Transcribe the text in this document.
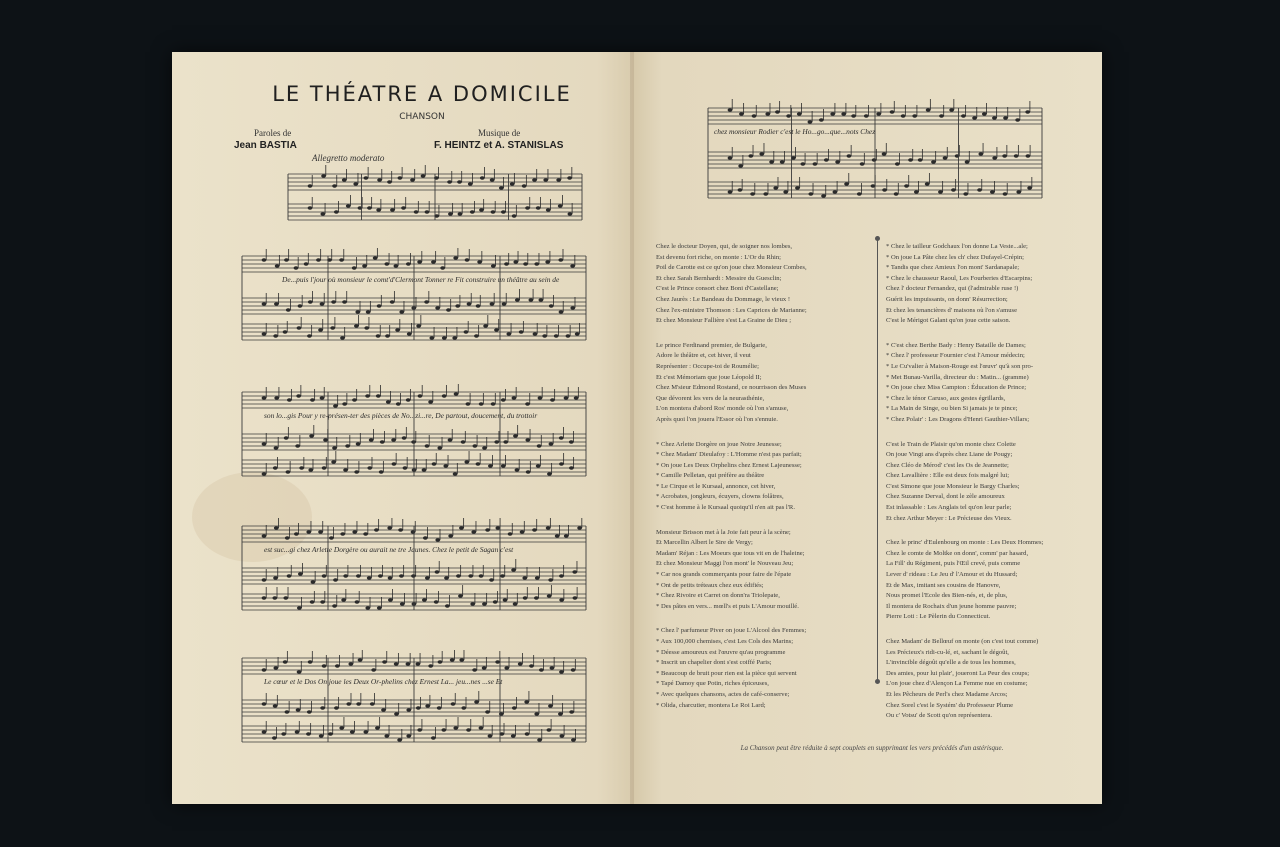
LE THÉATRE A DOMICILE
CHANSON
Paroles de
Jean BASTIA
Musique de
F. HEINTZ et A. STANISLAS
Allegretto moderato
De...puis l'jour où monsieur le comt'd'Clermont Tonner re Fit construire un théâtre au sein de
son lo...gis Pour y re-présen-ter des pièces de No...zi...re, De partout, doucement, du trottoir
est suc...gi chez Arlette Dorgère ou aurait ne tre Jaunes. Chez le petit de Sagan c'est
Le cœur et le Dos On joue les Deux Or-phelins chez Ernest La... jeu...nes ...se Et
chez monsieur Rodier c'est le Ho...go...que...nots Chez
La Chanson peut être réduite à sept couplets en supprimant les vers précédés d'un astérisque.
Chez le docteur Doyen, qui, de soigner nos lombes,
Est devenu fort riche, on monte : L'Or du Rhin;
Poil de Carotte est ce qu'on joue chez Monsieur Combes,
Et chez Sarah Bernhardt : Messire du Guesclin;
C'est le Prince consort chez Boni d'Castellane;
Chez Jaurès : Le Bandeau du Dommage, le vieux !
Chez l'ex-ministre Thomson : Les Caprices de Marianne;
Et chez Monsieur Fallière s'est La Graine de Dieu ;
Le prince Ferdinand premier, de Bulgarie,
Adore le théâtre et, cet hiver, il veut
Représenter : Occupe-toi de Roumélie;
Et c'est Mémoriam que joue Léopold II;
Chez M'sieur Edmond Rostand, ce nourrisson des Muses
Que dévorent les vers de la neurasthénie,
L'on montera d'abord Ros' monde où l'on s'amuse,
Après quoi l'on jouera l'Essor où l'on s'ennuie.
* Chez Arlette Dorgère on joue Notre Jeunesse;
* Chez Madam' Dieulafoy : L'Homme n'est pas parfait;
* On joue Les Deux Orphelins chez Ernest Lajeunesse;
* Camille Pelletan, qui préfère au théâtre
* Le Cirque et le Kursaal, annonce, cet hiver,
* Acrobates, jongleurs, écuyers, clowns folâtres,
* C'est homme à le Kursaal quoiqu'il n'en ait pas l'R.
Monsieur Brisson met à la Joie fait peur à la scène;
Et Marcellin Albert le Sire de Vergy;
Madam' Réjan : Les Moeurs que tous vit en de l'haleine;
Et chez Monsieur Maggi l'on mont' le Nouveau Jeu;
* Car nos grands commerçants pour faire de l'épate
* Ont de petits tréteaux chez eux édifiés;
* Chez Rivoire et Carret on donn'ra Triolepate,
* Des pâtes en vers... mœll's et puis L'Amour mouillé.
* Chez l' parfumeur Piver on joue L'Alcool des Femmes;
* Aux 100,000 chemises, c'est Les Cols des Marins;
* Déesse amoureux est l'œuvre qu'au programme
* Inscrit un chapelier dont s'est coiffé Paris;
* Beaucoup de bruit pour rien est la pièce qui servent
* Tapé Damoy que Potin, riches épiceuses,
* Avec quelques chansons, actes de café-conserve;
* Olida, charcutier, montera Le Roi Lard;
* Chez le tailleur Godchaux l'on donne La Veste...ale;
* On joue La Pâte chez les ch' chez Dufayel-Crépin;
* Tandis que chez Amieux l'on mont' Sardanapale;
* Chez le chausseur Raoul, Les Fourberies d'Escarpins;
Chez l' docteur Fernandez, qui (l'admirable ruse !)
Guérit les impuissants, on donn' Résurrection;
Et chez les tenancières d' maisons où l'on s'amuse
C'est le Mérigot Galant qu'on joue cette saison.
* C'est chez Berthe Bady : Henry Bataille de Dames;
* Chez l' professeur Fournier c'est l'Amour médecin;
* Le Cu'valier à Maison-Rouge est l'œuvr' qu'à son pro-
* Met Bunau-Varilla, directeur du : Matin... (gramme)
* On joue chez Miss Campton : Éducation de Prince;
* Chez le ténor Caruso, aux gestes égrillards,
* La Main de Singe, ou bien Si jamais je te pince;
* Chez Polair' : Les Dragons d'Henri Gauthier-Villars;
C'est le Train de Plaisir qu'on monte chez Colette
On joue Vingt ans d'après chez Liane de Pougy;
Chez Cléo de Mérod' c'est les Os de Jeannette;
Chez Lavallière : Elle est deux fois malgré lui;
C'est Simone que joue Monsieur le Bargy Charles;
Chez Suzanne Derval, dont le zèle amoureux
Est inlassable : Les Anglais tel qu'on leur parle;
Et chez Arthur Meyer : Le Précieuse des Vieux.
Chez le princ' d'Eulenbourg on monte : Les Deux Hommes;
Chez le comte de Moltke on donn', comm' par hasard,
La Fill' du Régiment, puis l'Œil crevé, puis comme
Lever d' rideau : Le Jeu d' l'Amour et du Hussard;
Et de Max, imitant ses cousins de Hanovre,
Nous promet l'Ecole des Bien-nés, et, de plus,
Il montera de Rochaix d'un jeune homme pauvre;
Pierre Loti : Le Pèlerin du Connecticut.
Chez Madam' de Bellœuf on monte (on c'est tout comme)
Les Précieux's ridi-cu-lé, et, sachant le dégoût,
L'invincible dégoût qu'elle a de tous les hommes,
Des amies, pour lui plair', joueront La Peur des coups;
L'on joue chez d'Alençon La Femme nue en costume;
Et les Pêcheurs de Perl's chez Madame Arcos;
Chez Sorel c'est le Systém' du Professeur Plume
Ou c' Votsu' de Scott qu'on représentera.
